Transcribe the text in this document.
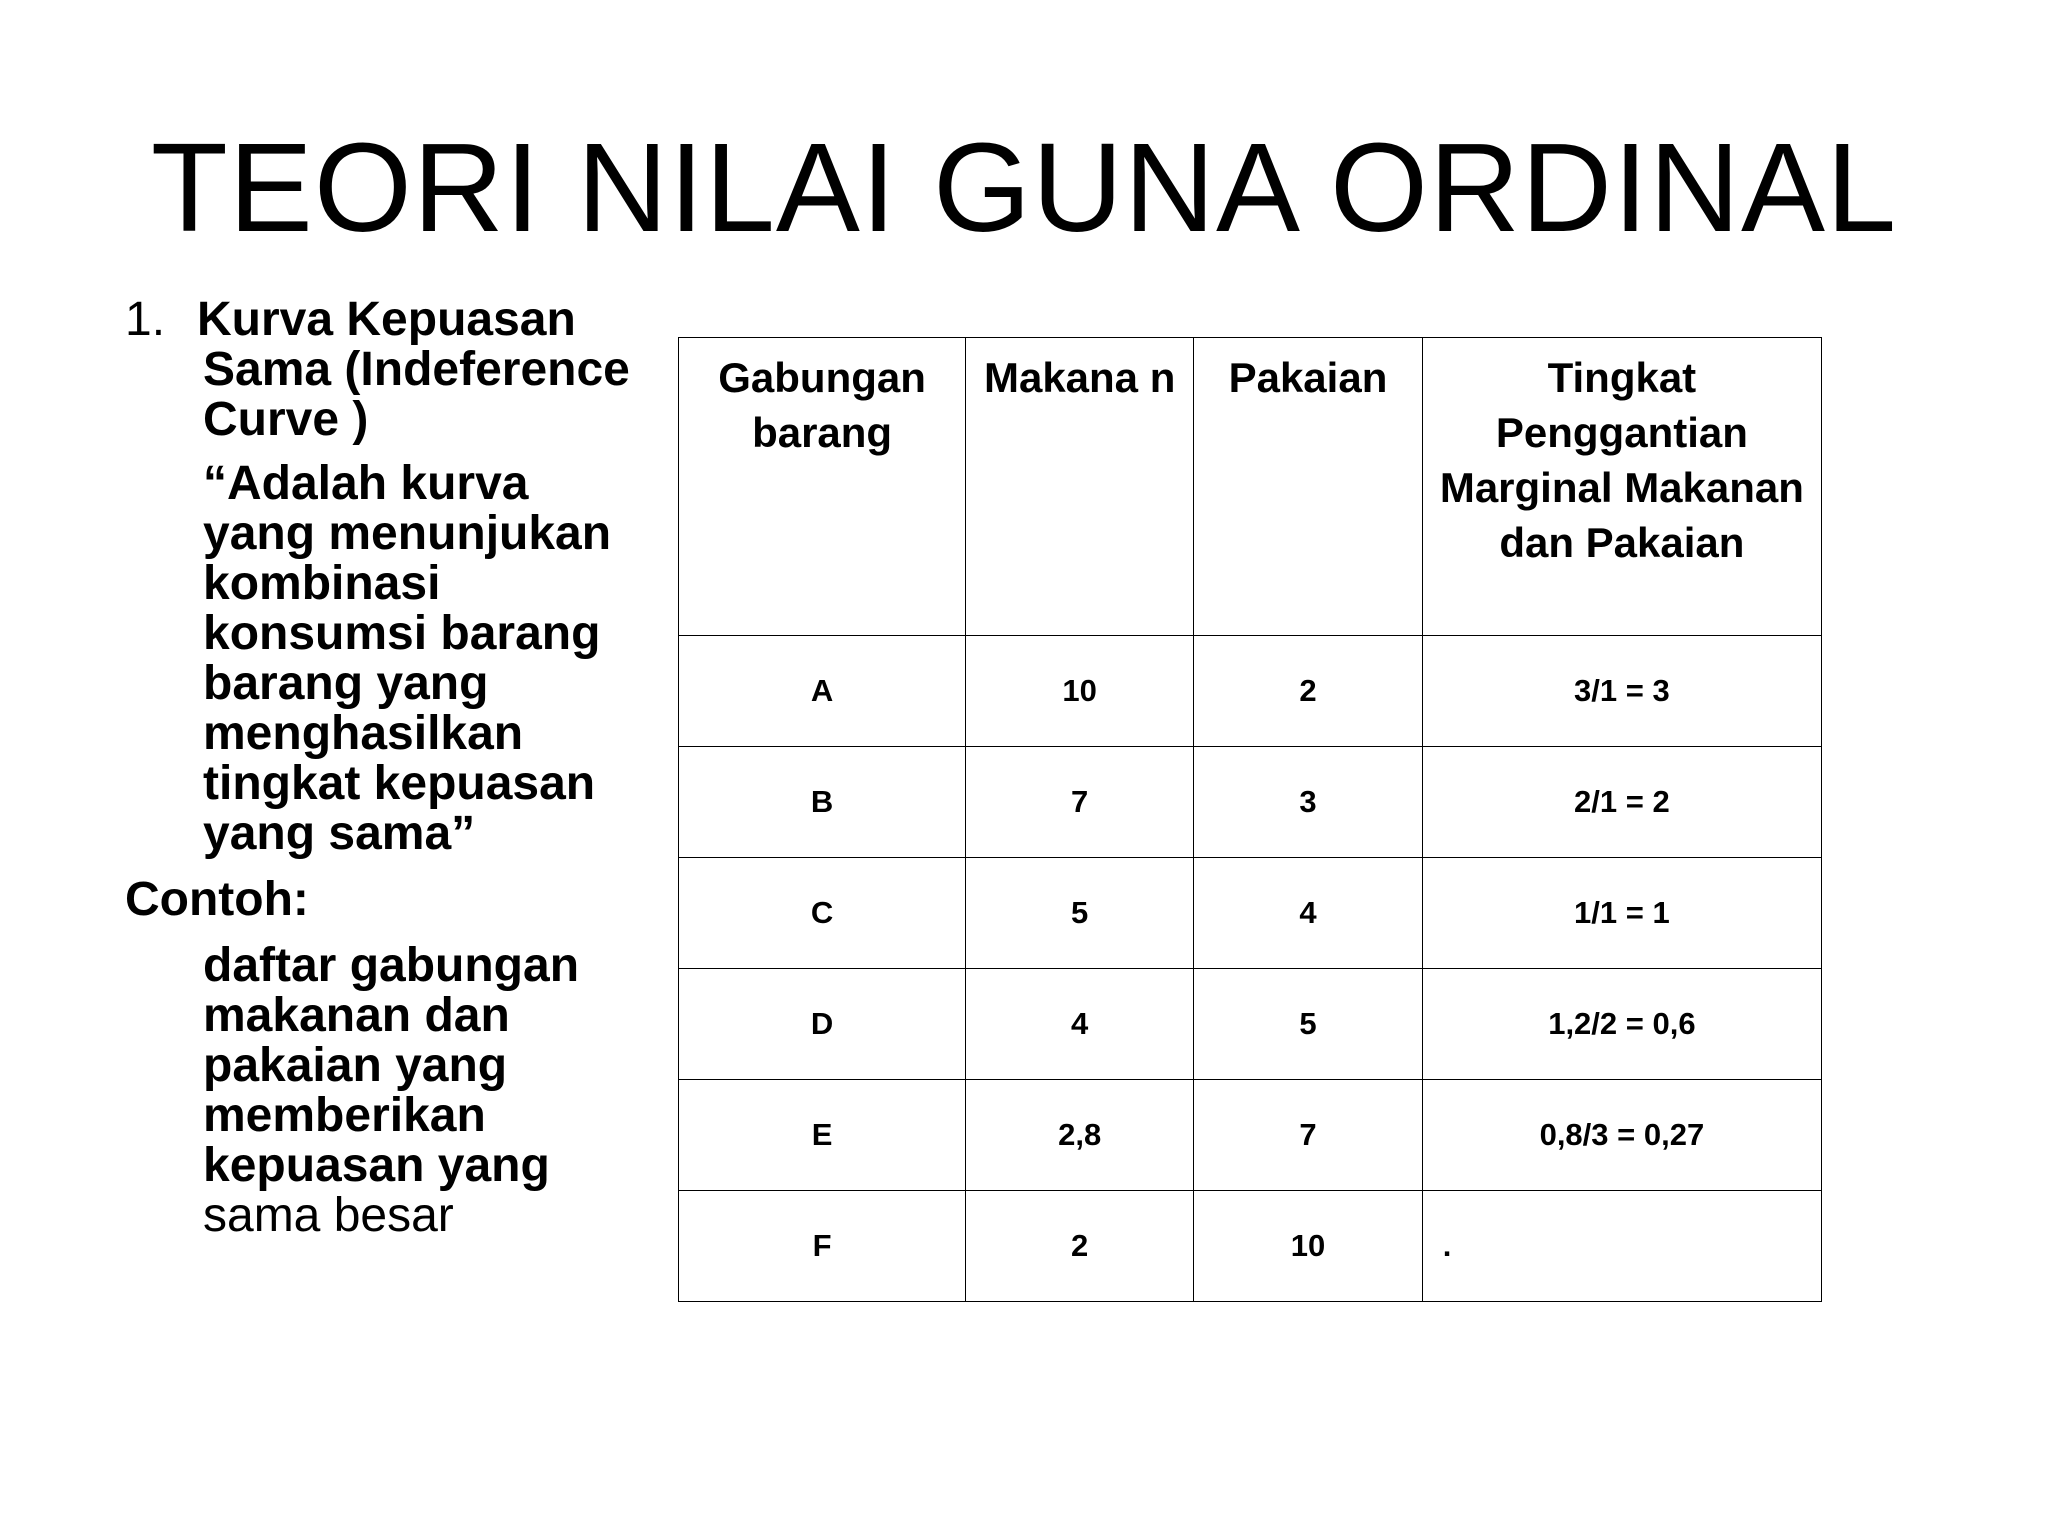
TEORI NILAI GUNA ORDINAL

1. Kurva Kepuasan Sama (Indeference Curve )

“Adalah kurva yang menunjukan kombinasi konsumsi barang barang yang menghasilkan tingkat kepuasan yang sama”

Contoh:

daftar gabungan makanan dan pakaian yang memberikan kepuasan yang sama besar

Gabungan barang	Makana n	Pakaian	Tingkat Penggantian Marginal Makanan dan Pakaian
A	10	2	3/1 = 3
B	7	3	2/1 = 2
C	5	4	1/1 = 1
D	4	5	1,2/2 = 0,6
E	2,8	7	0,8/3 = 0,27
F	2	10	.
